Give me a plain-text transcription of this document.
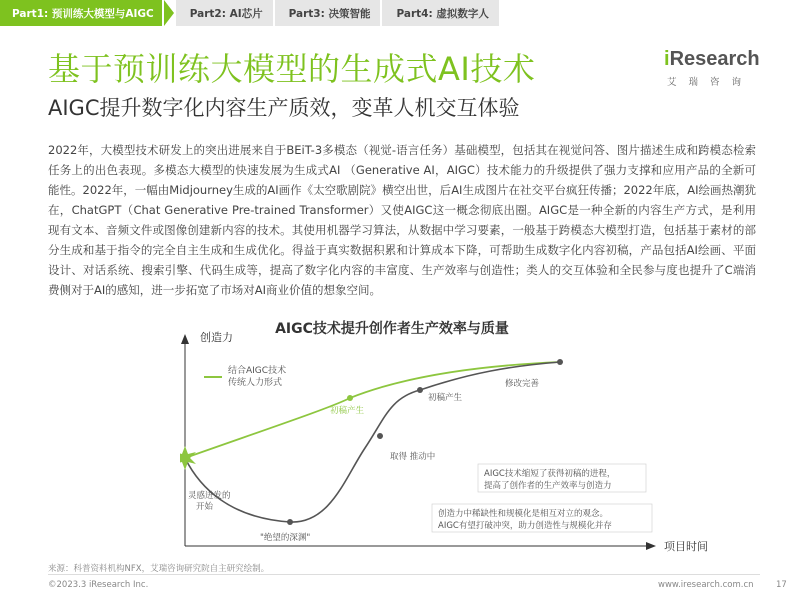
Part1: 预训练大模型与AIGC	Part2: AI芯片	Part3: 决策智能	Part4: 虚拟数字人
基于预训练大模型的生成式AI技术
AIGC提升数字化内容生产质效，变革人机交互体验
iResearch
艾瑞咨询
2022年，大模型技术研发上的突出进展来自于BEiT-3多模态（视觉-语言任务）基础模型，包括其在视觉问答、图片描述生成和跨模态检索任务上的出色表现。多模态大模型的快速发展为生成式AI （Generative AI，AIGC）技术能力的升级提供了强力支撑和应用产品的全新可能性。2022年，一幅由Midjourney生成的AI画作《太空歌剧院》横空出世，后AI生成图片在社交平台疯狂传播；2022年底，AI绘画热潮犹在，ChatGPT（Chat Generative Pre-trained Transformer）又使AIGC这一概念彻底出圈。AIGC是一种全新的内容生产方式，是利用现有文本、音频文件或图像创建新内容的技术。其使用机器学习算法，从数据中学习要素，一般基于跨模态大模型打造，包括基于素材的部分生成和基于指令的完全自主生成和生成优化。得益于真实数据积累和计算成本下降，可帮助生成数字化内容初稿，产品包括AI绘画、平面设计、对话系统、搜索引擎、代码生成等，提高了数字化内容的丰富度、生产效率与创造性；类人的交互体验和全民参与度也提升了C端消费侧对于AI的感知，进一步拓宽了市场对AI商业价值的想象空间。
创造力
项目时间
AIGC技术提升创作者生产效率与质量
结合AIGC技术
传统人力形式
灵感迸发的
开始
"绝望的深渊"
取得 推动中
初稿产生
初稿产生
修改完善
AIGC技术缩短了获得初稿的进程，
提高了创作者的生产效率与创造力
创造力中稀缺性和规模化是相互对立的观念。
AIGC有望打破冲突，助力创造性与规模化并存
来源：科普资料机构NFX，艾瑞咨询研究院自主研究绘制。
©2023.3 iResearch Inc.	www.iresearch.com.cn	17
